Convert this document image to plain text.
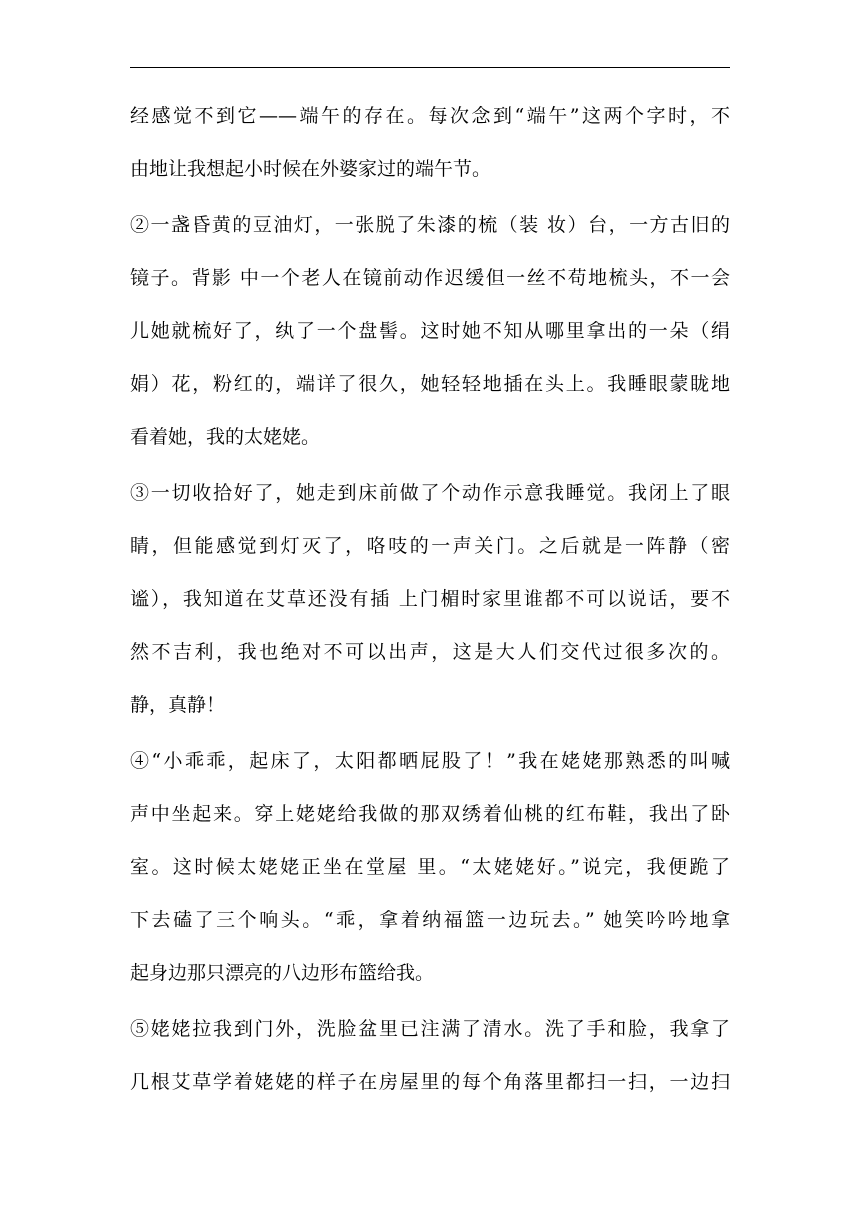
经感觉不到它——端午的存在。每次念到“端午”这两个字时，不
由地让我想起小时候在外婆家过的端午节。
②一盏昏黄的豆油灯，一张脱了朱漆的梳（装 妆）台，一方古旧的
镜子。背影 中一个老人在镜前动作迟缓但一丝不苟地梳头，不一会
儿她就梳好了，纨了一个盘髻。这时她不知从哪里拿出的一朵（绢
娟）花，粉红的，端详了很久，她轻轻地插在头上。我睡眼蒙眬地
看着她，我的太姥姥。
③一切收拾好了，她走到床前做了个动作示意我睡觉。我闭上了眼
睛，但能感觉到灯灭了，咯吱的一声关门。之后就是一阵静（密
谧），我知道在艾草还没有插 上门楣时家里谁都不可以说话，要不
然不吉利，我也绝对不可以出声，这是大人们交代过很多次的。
静，真静！
④“小乖乖，起床了，太阳都晒屁股了！”我在姥姥那熟悉的叫喊
声中坐起来。穿上姥姥给我做的那双绣着仙桃的红布鞋，我出了卧
室。这时候太姥姥正坐在堂屋 里。“太姥姥好。”说完，我便跪了
下去磕了三个响头。“乖，拿着纳福篮一边玩去。” 她笑吟吟地拿
起身边那只漂亮的八边形布篮给我。
⑤姥姥拉我到门外，洗脸盆里已注满了清水。洗了手和脸，我拿了
几根艾草学着姥姥的样子在房屋里的每个角落里都扫一扫，一边扫
